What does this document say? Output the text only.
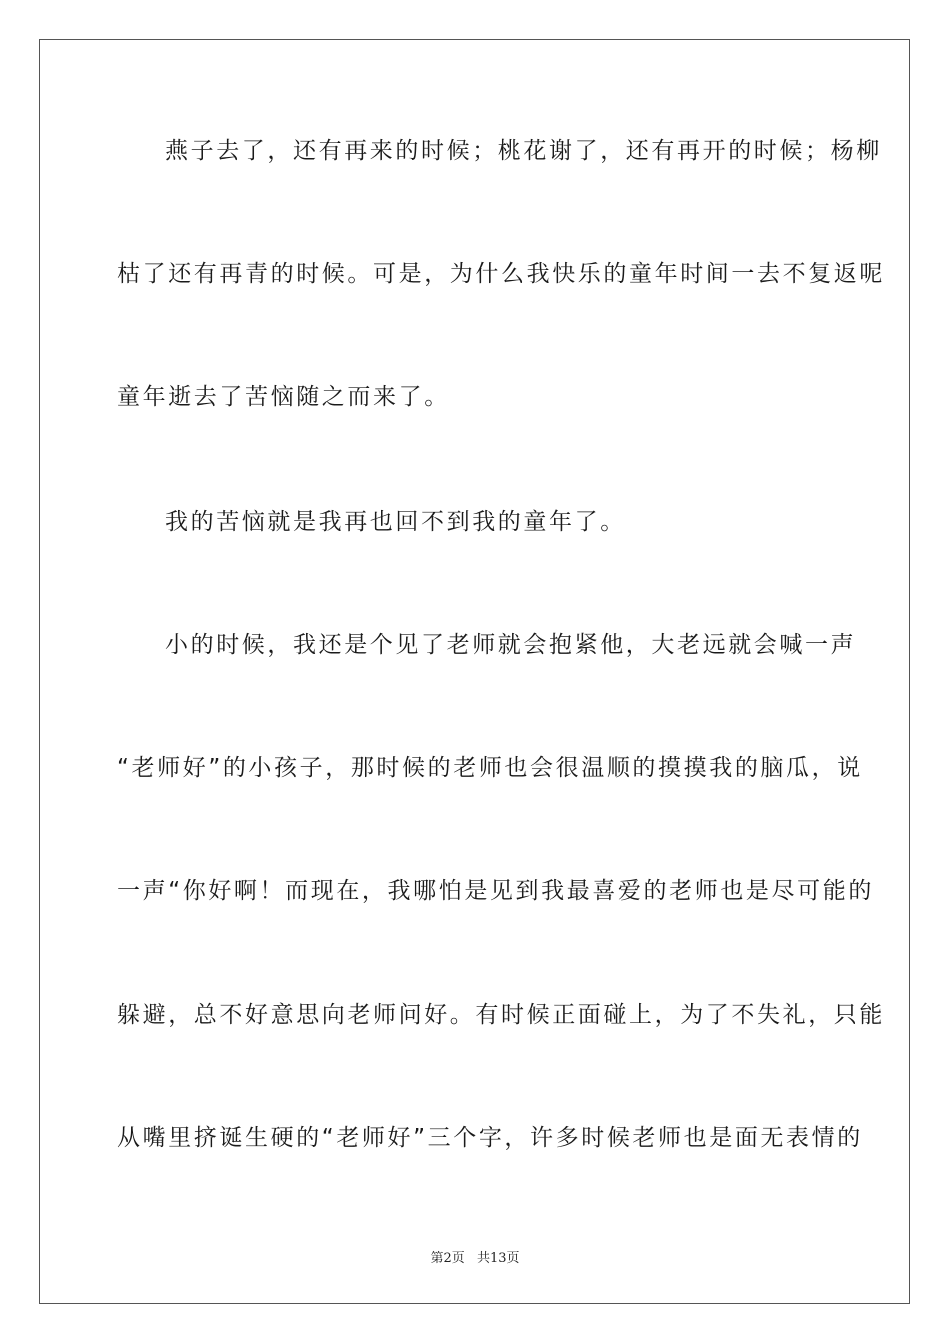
燕子去了，还有再来的时候；桃花谢了，还有再开的时候；杨柳
枯了还有再青的时候。可是，为什么我快乐的童年时间一去不复返呢
童年逝去了苦恼随之而来了。
我的苦恼就是我再也回不到我的童年了。
小的时候，我还是个见了老师就会抱紧他，大老远就会喊一声
“老师好”的小孩子，那时候的老师也会很温顺的摸摸我的脑瓜，说
一声“你好啊！而现在，我哪怕是见到我最喜爱的老师也是尽可能的
躲避，总不好意思向老师问好。有时候正面碰上，为了不失礼，只能
从嘴里挤诞生硬的“老师好”三个字，许多时候老师也是面无表情的
第2页 共13页
